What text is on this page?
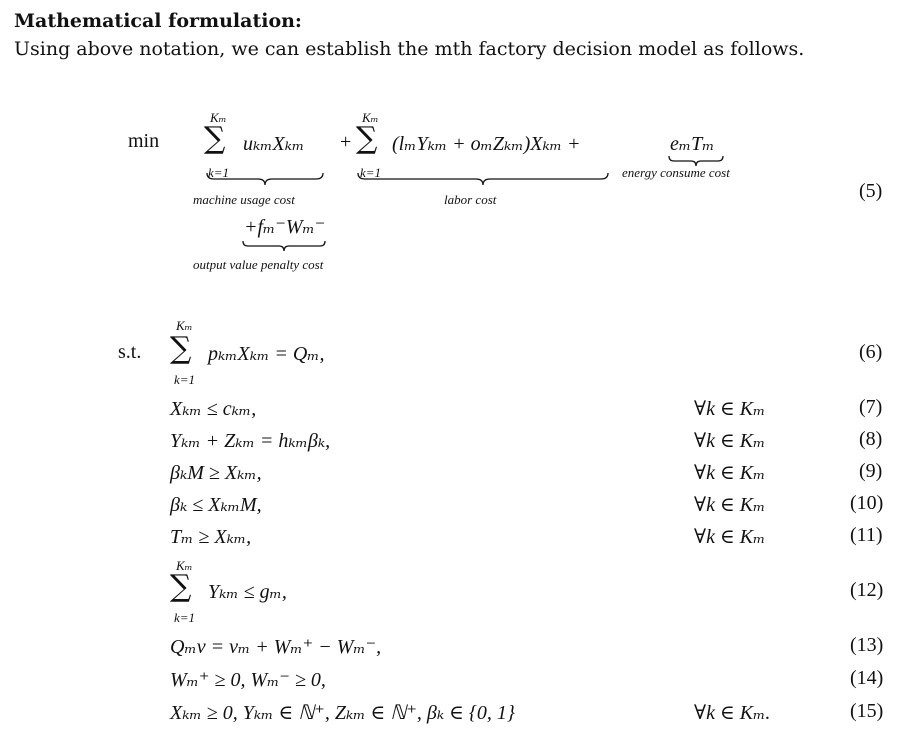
Mathematical formulation:
Using above notation, we can establish the mth factory decision model as follows.
min
Kₘ
∑
k=1
uₖₘXₖₘ +
Kₘ
∑
k=1
(lₘYₖₘ + oₘZₖₘ)Xₖₘ +	eₘTₘ
machine usage cost	labor cost
energy consume cost
+fₘ⁻Wₘ⁻
output value penalty cost
(5)
s.t.
Kₘ
∑
k=1
pₖₘXₖₘ = Qₘ,	(6)
Xₖₘ ≤ cₖₘ,	∀k ∈ Kₘ	(7)
Yₖₘ + Zₖₘ = hₖₘβₖ,	∀k ∈ Kₘ	(8)
βₖM ≥ Xₖₘ,	∀k ∈ Kₘ	(9)
βₖ ≤ XₖₘM,	∀k ∈ Kₘ	(10)
Tₘ ≥ Xₖₘ,	∀k ∈ Kₘ	(11)
Kₘ
∑
k=1
Yₖₘ ≤ gₘ,	(12)
Qₘv = vₘ + Wₘ⁺ − Wₘ⁻,	(13)
Wₘ⁺ ≥ 0, Wₘ⁻ ≥ 0,	(14)
Xₖₘ ≥ 0, Yₖₘ ∈ ℕ⁺, Zₖₘ ∈ ℕ⁺, βₖ ∈ {0, 1}	∀k ∈ Kₘ.	(15)
